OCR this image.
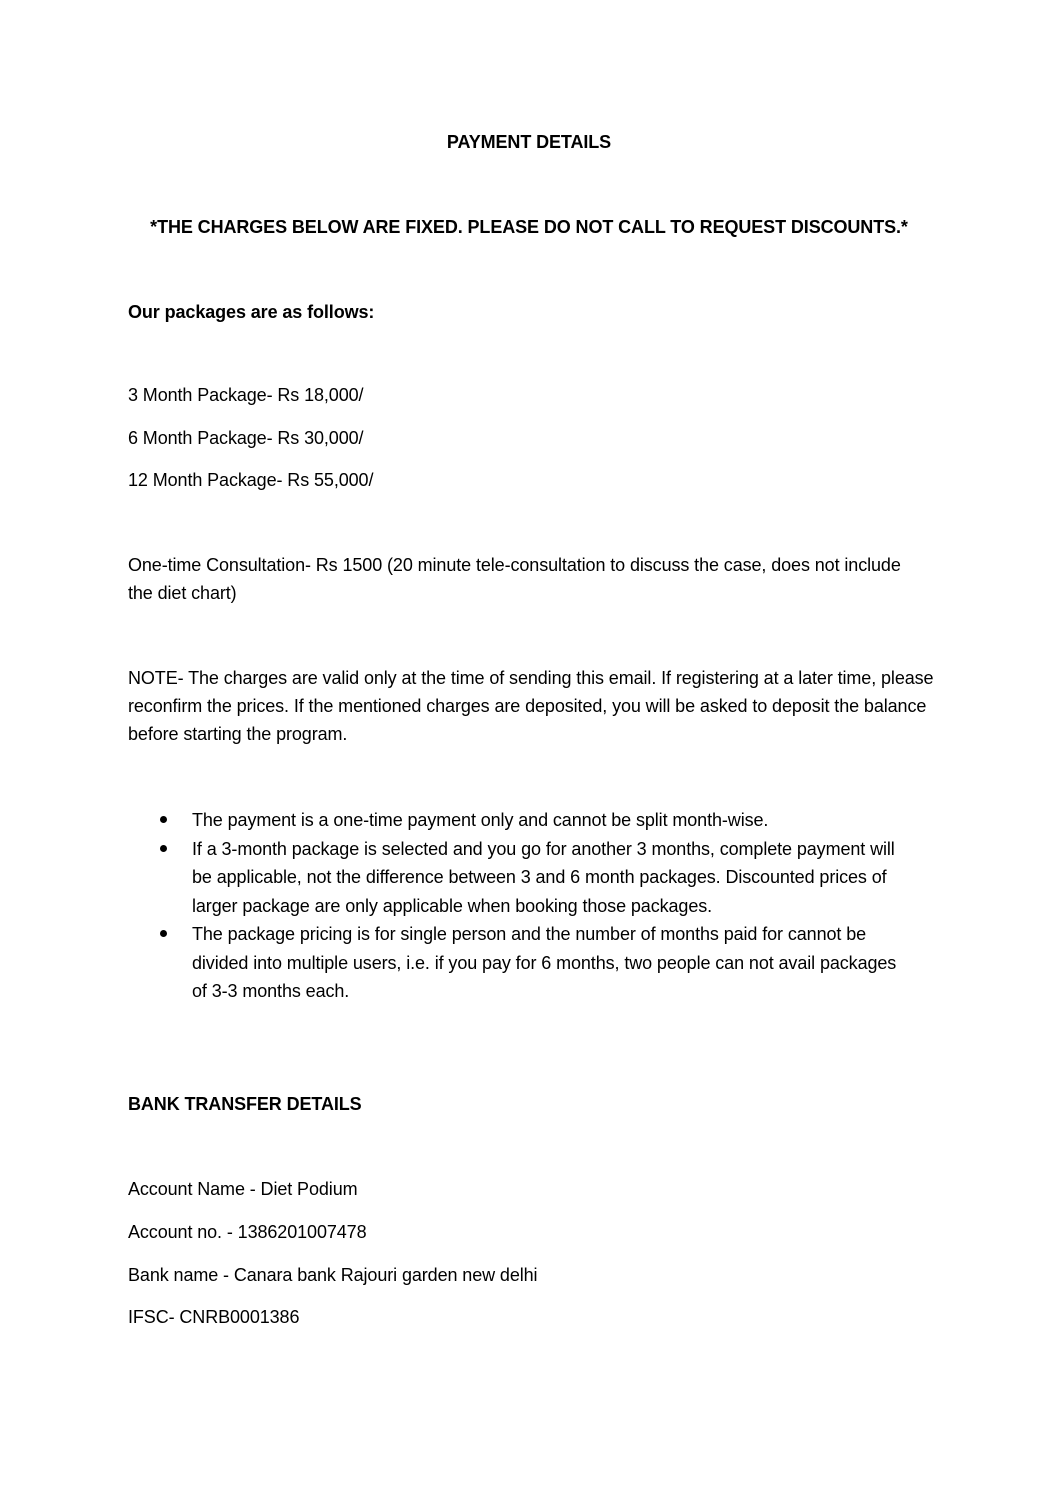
PAYMENT DETAILS
*THE CHARGES BELOW ARE FIXED. PLEASE DO NOT CALL TO REQUEST DISCOUNTS.*
Our packages are as follows:
3 Month Package- Rs 18,000/
6 Month Package- Rs 30,000/
12 Month Package- Rs 55,000/
One-time Consultation- Rs 1500 (20 minute tele-consultation to discuss the case, does not include the diet chart)
NOTE- The charges are valid only at the time of sending this email. If registering at a later time, please reconfirm the prices. If the mentioned charges are deposited, you will be asked to deposit the balance before starting the program.
The payment is a one-time payment only and cannot be split month-wise.
If a 3-month package is selected and you go for another 3 months, complete payment will be applicable, not the difference between 3 and 6 month packages. Discounted prices of larger package are only applicable when booking those packages.
The package pricing is for single person and the number of months paid for cannot be divided into multiple users, i.e. if you pay for 6 months, two people can not avail packages of 3-3 months each.
BANK TRANSFER DETAILS
Account Name - Diet Podium
Account no. - 1386201007478
Bank name - Canara bank Rajouri garden new delhi
IFSC- CNRB0001386
